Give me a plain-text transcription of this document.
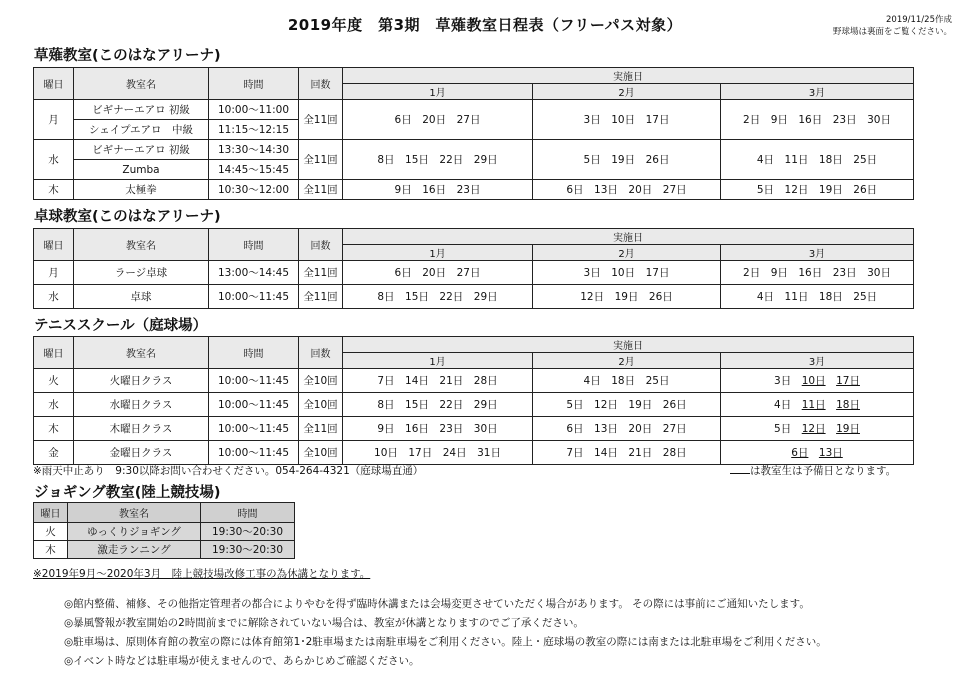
2019年度　第3期　草薙教室日程表（フリーパス対象）	2019/11/25作成
野球場は裏面をご覧ください。
草薙教室(このはなアリーナ)
曜日	教室名	時間	回数	実施日		
				1月	2月	3月
月	ビギナーエアロ 初級	10:00～11:00	全11回	6日　20日　27日	3日　10日　17日	2日　9日　16日　23日　30日
	シェイプエアロ　中級	11:15～12:15				
水	ビギナーエアロ 初級	13:30～14:30	全11回	8日　15日　22日　29日	5日　19日　26日	4日　11日　18日　25日
	Zumba	14:45～15:45				
木	太極拳	10:30～12:00	全11回	9日　16日　23日	6日　13日　20日　27日	5日　12日　19日　26日
卓球教室(このはなアリーナ)
曜日	教室名	時間	回数	実施日		
				1月	2月	3月
月	ラージ卓球	13:00～14:45	全11回	6日　20日　27日	3日　10日　17日	2日　9日　16日　23日　30日
水	卓球	10:00～11:45	全11回	8日　15日　22日　29日	12日　19日　26日	4日　11日　18日　25日
テニススクール（庭球場）
曜日	教室名	時間	回数	実施日		
				1月	2月	3月
火	火曜日クラス	10:00～11:45	全10回	7日　14日　21日　28日	4日　18日　25日	3日　 10日　 17日
水	水曜日クラス	10:00～11:45	全10回	8日　15日　22日　29日	5日　12日　19日　26日	4日　 11日　 18日
木	木曜日クラス	10:00～11:45	全11回	9日　16日　23日　30日	6日　13日　20日　27日	5日　 12日　 19日
金	金曜日クラス	10:00～11:45	全10回	10日　17日　24日　31日	7日　14日　21日　28日	6日　 13日
※雨天中止あり　9:30以降お問い合わせください。054-264-4321（庭球場直通）	は教室生は予備日となります。
ジョギング教室(陸上競技場)
曜日	教室名	時間
火	ゆっくりジョギング	19:30～20:30
木	激走ランニング	19:30～20:30
※2019年9月～2020年3月　陸上競技場改修工事の為休講となります。
◎館内整備、補修、その他指定管理者の都合によりやむを得ず臨時休講または会場変更させていただく場合があります。 その際には事前にご通知いたします。
◎暴風警報が教室開始の2時間前までに解除されていない場合は、教室が休講となりますのでご了承ください。
◎駐車場は、原則体育館の教室の際には体育館第1･2駐車場または南駐車場をご利用ください。陸上・庭球場の教室の際には南または北駐車場をご利用ください。
◎イベント時などは駐車場が使えませんので、あらかじめご確認ください。
